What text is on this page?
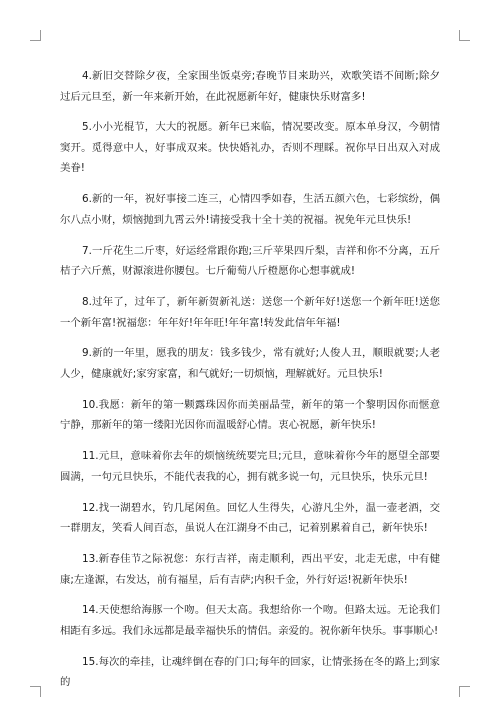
4.新旧交替除夕夜，全家围坐饭桌旁;春晚节目来助兴，欢歌笑语不间断;除夕过后元旦至，新一年来新开始，在此祝愿新年好，健康快乐财富多!

5.小小光棍节，大大的祝愿。新年已来临，情况要改变。原本单身汉，今朝情窦开。觅得意中人，好事成双来。快快婚礼办，否则不理睬。祝你早日出双入对成美眷!

6.新的一年，祝好事接二连三，心情四季如春，生活五颜六色，七彩缤纷，偶尔八点小财，烦恼抛到九霄云外!请接受我十全十美的祝福。祝免年元旦快乐!

7.一斤花生二斤枣，好运经常跟你跑;三斤苹果四斤梨，吉祥和你不分离，五斤桔子六斤蕉，财源滚进你腰包。七斤葡萄八斤橙愿你心想事就成!

8.过年了，过年了，新年新贺新礼送：送您一个新年好!送您一个新年旺!送您一个新年富!祝福您：年年好!年年旺!年年富!转发此信年年福!

9.新的一年里，愿我的朋友：钱多钱少，常有就好;人俊人丑，顺眼就要;人老人少，健康就好;家穷家富，和气就好;一切烦恼，理解就好。元旦快乐!

10.我愿：新年的第一颗露珠因你而美丽晶莹，新年的第一个黎明因你而惬意宁静，那新年的第一缕阳光因你而温暖舒心情。衷心祝愿，新年快乐!

11.元旦，意味着你去年的烦恼统统要完旦;元旦，意味着你今年的愿望全部要圆满，一句元旦快乐，不能代表我的心，拥有就多说一句，元旦快乐，快乐元旦!

12.找一湖碧水，钓几尾闲鱼。回忆人生得失，心游凡尘外，温一壶老酒，交一群朋友，笑看人间百态，虽说人在江湖身不由己，记着别累着自己，新年快乐!

13.新春佳节之际祝您：东行吉祥，南走顺利，西出平安，北走无虑，中有健康;左逢源，右发达，前有福星，后有吉萨;内积千金，外行好运!祝新年快乐!

14.天使想给海豚一个吻。但天太高。我想给你一个吻。但路太远。无论我们相距有多远。我们永远都是最幸福快乐的情侣。亲爱的。祝你新年快乐。事事顺心!

15.每次的牵挂，让魂绊倒在春的门口;每年的回家，让情张扬在冬的路上;到家的
